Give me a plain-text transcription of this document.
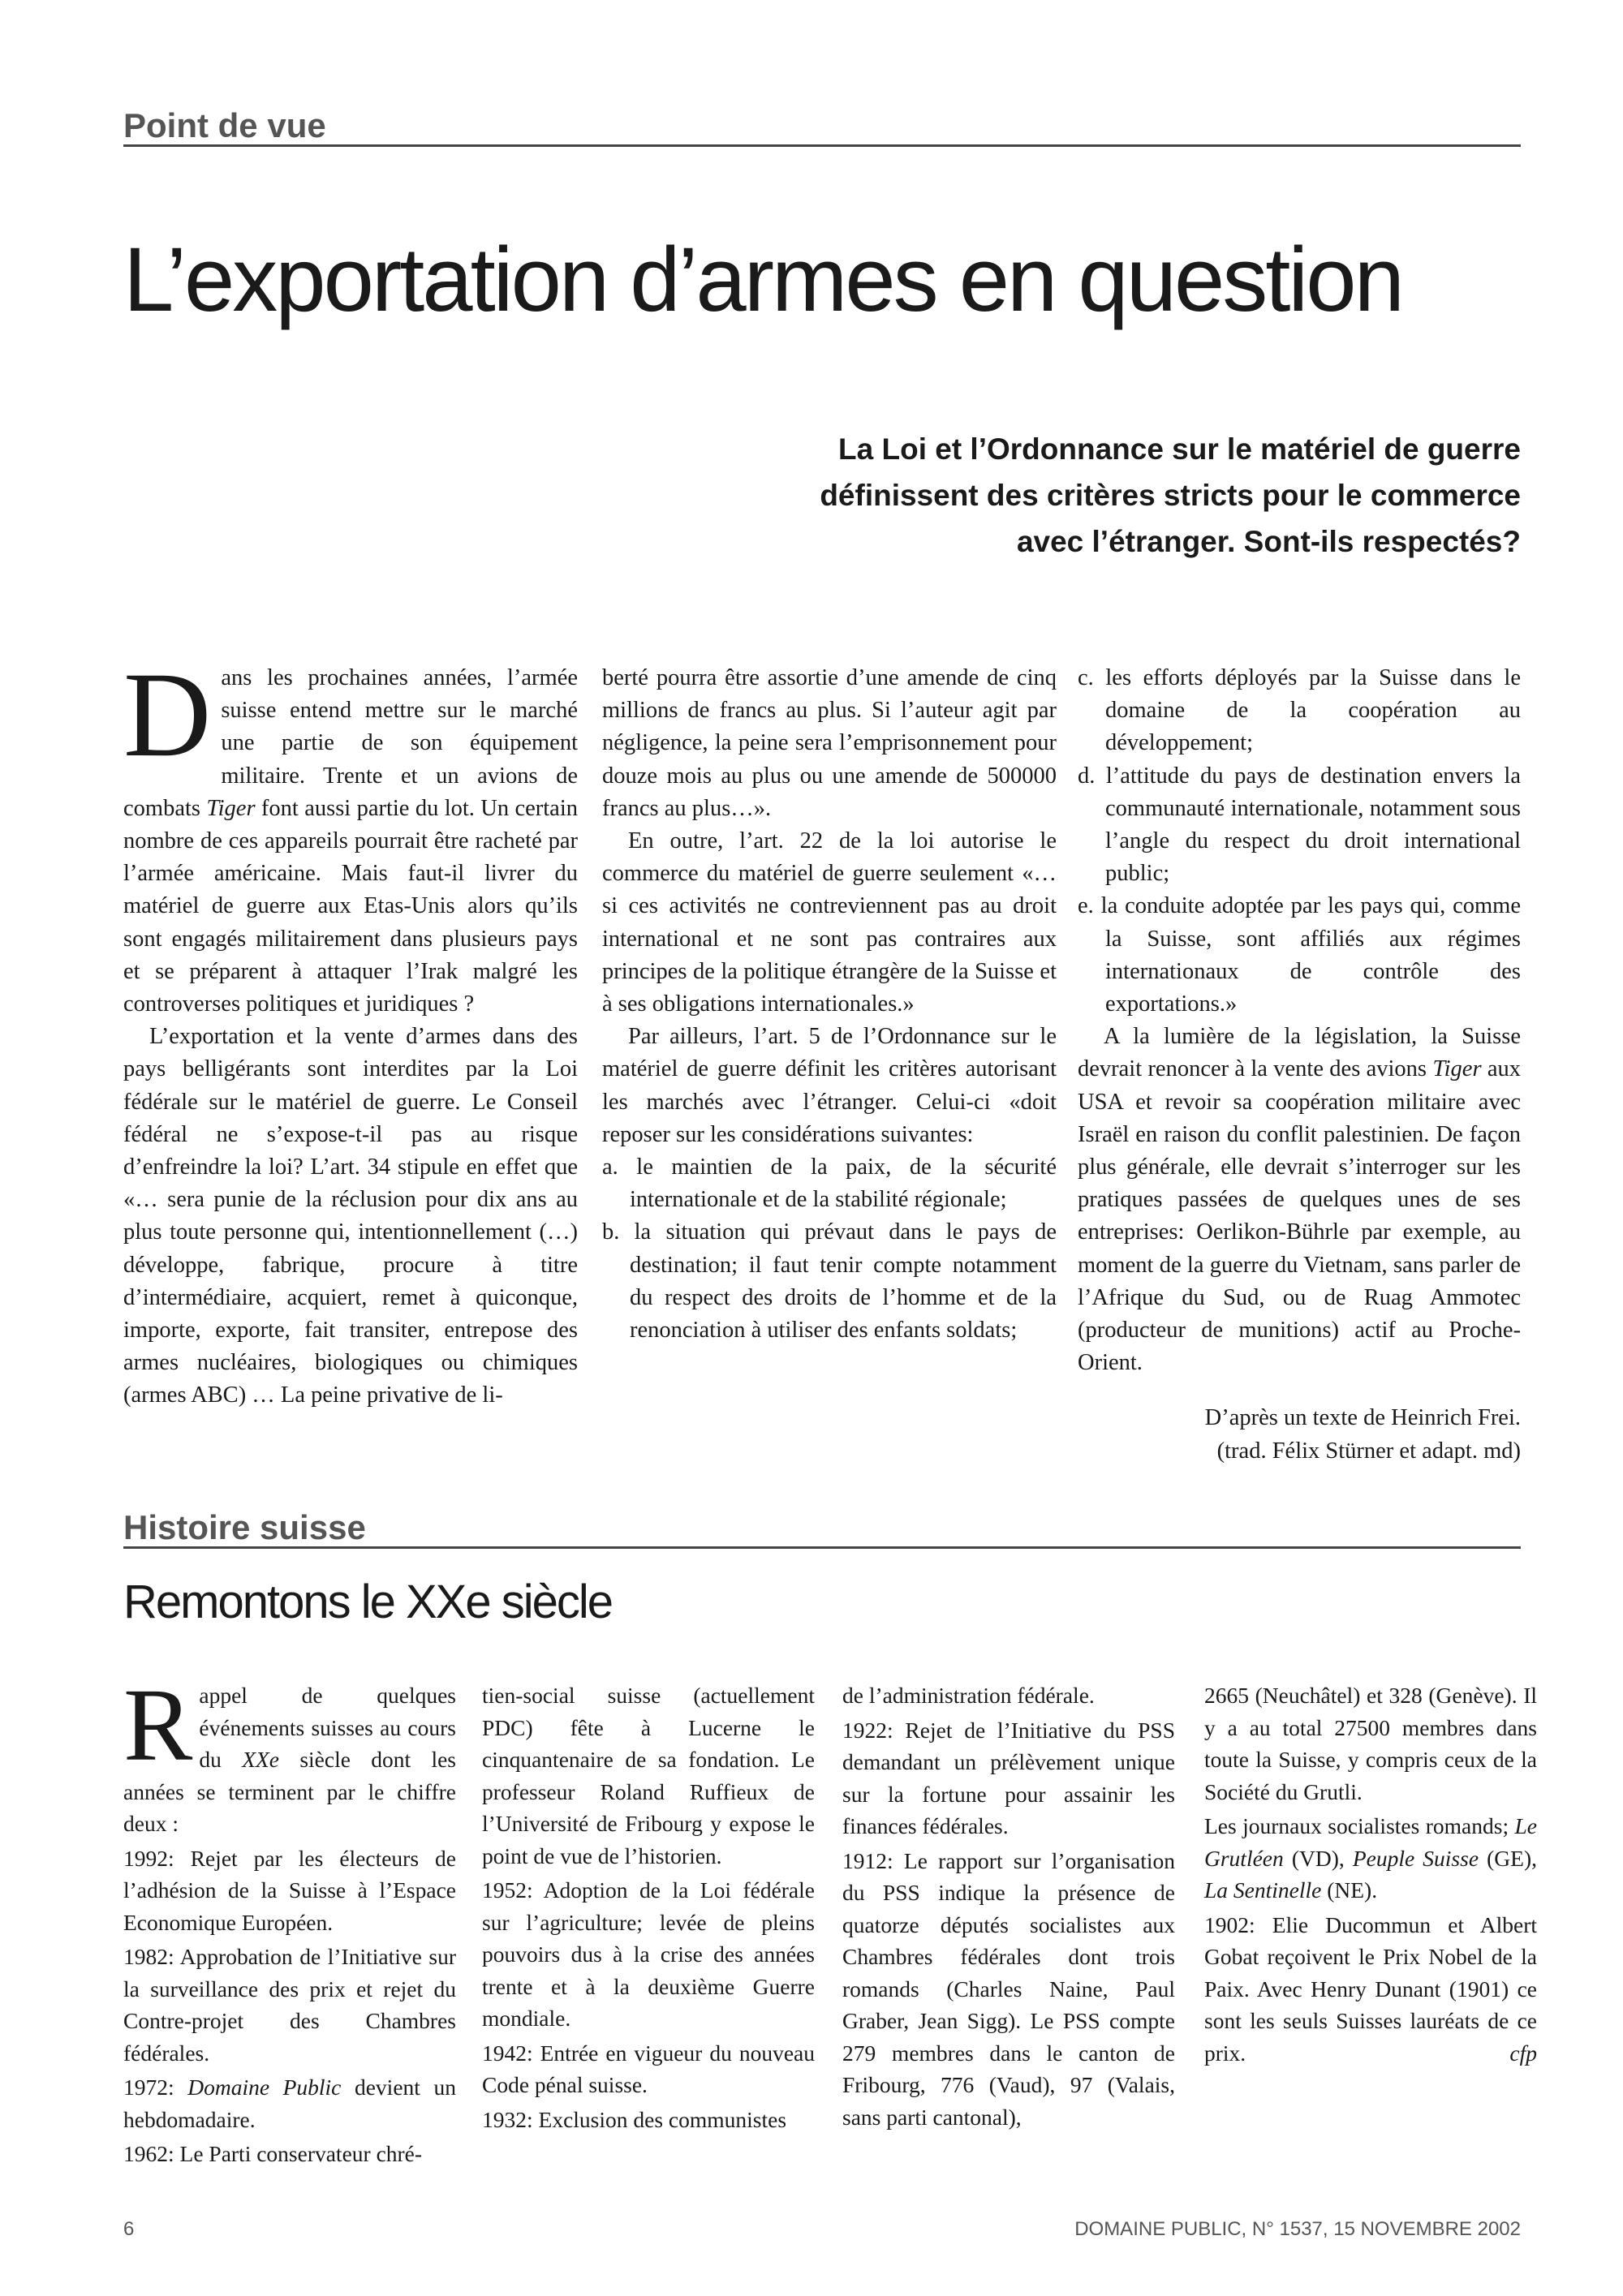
Point de vue
L’exportation d’armes en question

La Loi et l’Ordonnance sur le matériel de guerre définissent des critères stricts pour le commerce avec l’étranger. Sont-ils respectés?

Dans les prochaines années, l’armée suisse entend mettre sur le marché une partie de son équipement militaire. Trente et un avions de combats Tiger font aussi partie du lot. Un certain nombre de ces appareils pourrait être racheté par l’armée américaine. Mais faut-il livrer du matériel de guerre aux Etas-Unis alors qu’ils sont engagés militairement dans plusieurs pays et se préparent à attaquer l’Irak malgré les controverses politiques et juridiques ?

L’exportation et la vente d’armes dans des pays belligérants sont interdites par la Loi fédérale sur le matériel de guerre. Le Conseil fédéral ne s’expose-t-il pas au risque d’enfreindre la loi? L’art. 34 stipule en effet que «… sera punie de la réclusion pour dix ans au plus toute personne qui, intentionnellement (…) développe, fabrique, procure à titre d’intermédiaire, acquiert, remet à quiconque, importe, exporte, fait transiter, entrepose des armes nucléaires, biologiques ou chimiques (armes ABC) … La peine privative de li-

berté pourra être assortie d’une amende de cinq millions de francs au plus. Si l’auteur agit par négligence, la peine sera l’emprisonnement pour douze mois au plus ou une amende de 500000 francs au plus…».

En outre, l’art. 22 de la loi autorise le commerce du matériel de guerre seulement «…si ces activités ne contreviennent pas au droit international et ne sont pas contraires aux principes de la politique étrangère de la Suisse et à ses obligations internationales.»

Par ailleurs, l’art. 5 de l’Ordonnance sur le matériel de guerre définit les critères autorisant les marchés avec l’étranger. Celui-ci «doit reposer sur les considérations suivantes:

a. le maintien de la paix, de la sécurité internationale et de la stabilité régionale;

b. la situation qui prévaut dans le pays de destination; il faut tenir compte notamment du respect des droits de l’homme et de la renonciation à utiliser des enfants soldats;

c. les efforts déployés par la Suisse dans le domaine de la coopération au développement;

d. l’attitude du pays de destination envers la communauté internationale, notamment sous l’angle du respect du droit international public;

e. la conduite adoptée par les pays qui, comme la Suisse, sont affiliés aux régimes internationaux de contrôle des exportations.»

A la lumière de la législation, la Suisse devrait renoncer à la vente des avions Tiger aux USA et revoir sa coopération militaire avec Israël en raison du conflit palestinien. De façon plus générale, elle devrait s’interroger sur les pratiques passées de quelques unes de ses entreprises: Oerlikon-Bührle par exemple, au moment de la guerre du Vietnam, sans parler de l’Afrique du Sud, ou de Ruag Ammotec (producteur de munitions) actif au Proche-Orient.

D’après un texte de Heinrich Frei.
(trad. Félix Stürner et adapt. md)

Histoire suisse
Remontons le XXe siècle

Rappel de quelques événements suisses au cours du XXe siècle dont les années se terminent par le chiffre deux :

1992: Rejet par les électeurs de l’adhésion de la Suisse à l’Espace Economique Européen.

1982: Approbation de l’Initiative sur la surveillance des prix et rejet du Contre-projet des Chambres fédérales.

1972: Domaine Public devient un hebdomadaire.

1962: Le Parti conservateur chré-

tien-social suisse (actuellement PDC) fête à Lucerne le cinquantenaire de sa fondation. Le professeur Roland Ruffieux de l’Université de Fribourg y expose le point de vue de l’historien.

1952: Adoption de la Loi fédérale sur l’agriculture; levée de pleins pouvoirs dus à la crise des années trente et à la deuxième Guerre mondiale.

1942: Entrée en vigueur du nouveau Code pénal suisse.

1932: Exclusion des communistes

de l’administration fédérale.

1922: Rejet de l’Initiative du PSS demandant un prélèvement unique sur la fortune pour assainir les finances fédérales.

1912: Le rapport sur l’organisation du PSS indique la présence de quatorze députés socialistes aux Chambres fédérales dont trois romands (Charles Naine, Paul Graber, Jean Sigg). Le PSS compte 279 membres dans le canton de Fribourg, 776 (Vaud), 97 (Valais, sans parti cantonal),

2665 (Neuchâtel) et 328 (Genève). Il y a au total 27500 membres dans toute la Suisse, y compris ceux de la Société du Grutli.

Les journaux socialistes romands; Le Grutléen (VD), Peuple Suisse (GE), La Sentinelle (NE).

1902: Elie Ducommun et Albert Gobat reçoivent le Prix Nobel de la Paix. Avec Henry Dunant (1901) ce sont les seuls Suisses lauréats de ce prix.	cfp

6	DOMAINE PUBLIC, N° 1537, 15 NOVEMBRE 2002
